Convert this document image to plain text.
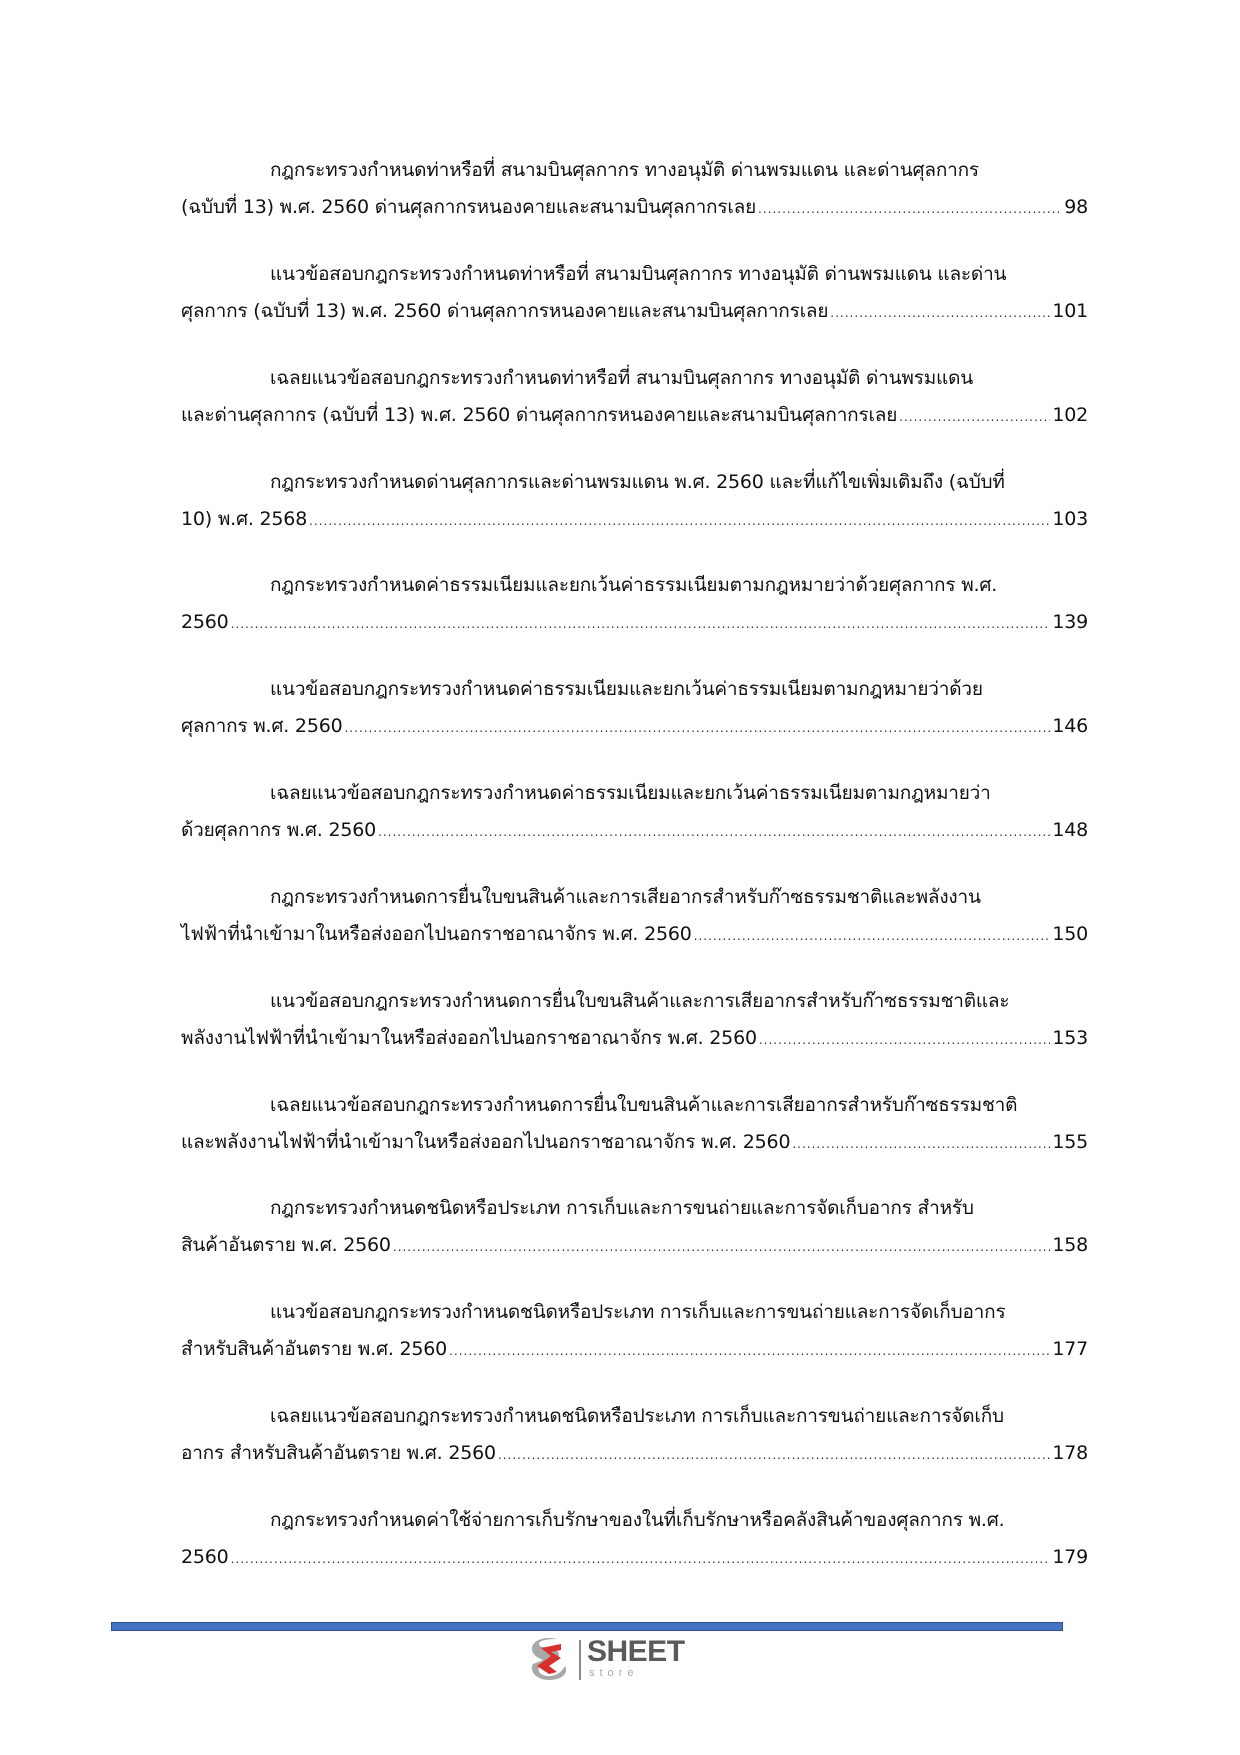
กฎกระทรวงกำหนดท่าหรือที่ สนามบินศุลกากร ทางอนุมัติ ด่านพรมแดน และด่านศุลกากร
(ฉบับที่ 13) พ.ศ. 2560 ด่านศุลกากรหนองคายและสนามบินศุลกากรเลย .....	98
แนวข้อสอบกฎกระทรวงกำหนดท่าหรือที่ สนามบินศุลกากร ทางอนุมัติ ด่านพรมแดน และด่าน
ศุลกากร (ฉบับที่ 13) พ.ศ. 2560 ด่านศุลกากรหนองคายและสนามบินศุลกากรเลย .....	101
เฉลยแนวข้อสอบกฎกระทรวงกำหนดท่าหรือที่ สนามบินศุลกากร ทางอนุมัติ ด่านพรมแดน
และด่านศุลกากร (ฉบับที่ 13) พ.ศ. 2560 ด่านศุลกากรหนองคายและสนามบินศุลกากรเลย .....	102
กฎกระทรวงกำหนดด่านศุลกากรและด่านพรมแดน พ.ศ. 2560 และที่แก้ไขเพิ่มเติมถึง (ฉบับที่
10) พ.ศ. 2568 .....	103
กฎกระทรวงกำหนดค่าธรรมเนียมและยกเว้นค่าธรรมเนียมตามกฎหมายว่าด้วยศุลกากร พ.ศ.
2560 .....	139
แนวข้อสอบกฎกระทรวงกำหนดค่าธรรมเนียมและยกเว้นค่าธรรมเนียมตามกฎหมายว่าด้วย
ศุลกากร พ.ศ. 2560 .....	146
เฉลยแนวข้อสอบกฎกระทรวงกำหนดค่าธรรมเนียมและยกเว้นค่าธรรมเนียมตามกฎหมายว่า
ด้วยศุลกากร พ.ศ. 2560 .....	148
กฎกระทรวงกำหนดการยื่นใบขนสินค้าและการเสียอากรสำหรับก๊าซธรรมชาติและพลังงาน
ไฟฟ้าที่นำเข้ามาในหรือส่งออกไปนอกราชอาณาจักร พ.ศ. 2560 .....	150
แนวข้อสอบกฎกระทรวงกำหนดการยื่นใบขนสินค้าและการเสียอากรสำหรับก๊าซธรรมชาติและ
พลังงานไฟฟ้าที่นำเข้ามาในหรือส่งออกไปนอกราชอาณาจักร พ.ศ. 2560 .....	153
เฉลยแนวข้อสอบกฎกระทรวงกำหนดการยื่นใบขนสินค้าและการเสียอากรสำหรับก๊าซธรรมชาติ
และพลังงานไฟฟ้าที่นำเข้ามาในหรือส่งออกไปนอกราชอาณาจักร พ.ศ. 2560 .....	155
กฎกระทรวงกำหนดชนิดหรือประเภท การเก็บและการขนถ่ายและการจัดเก็บอากร สำหรับ
สินค้าอันตราย พ.ศ. 2560 .....	158
แนวข้อสอบกฎกระทรวงกำหนดชนิดหรือประเภท การเก็บและการขนถ่ายและการจัดเก็บอากร
สำหรับสินค้าอันตราย พ.ศ. 2560 .....	177
เฉลยแนวข้อสอบกฎกระทรวงกำหนดชนิดหรือประเภท การเก็บและการขนถ่ายและการจัดเก็บ
อากร สำหรับสินค้าอันตราย พ.ศ. 2560 .....	178
กฎกระทรวงกำหนดค่าใช้จ่ายการเก็บรักษาของในที่เก็บรักษาหรือคลังสินค้าของศุลกากร พ.ศ.
2560 .....	179
SHEET
store
